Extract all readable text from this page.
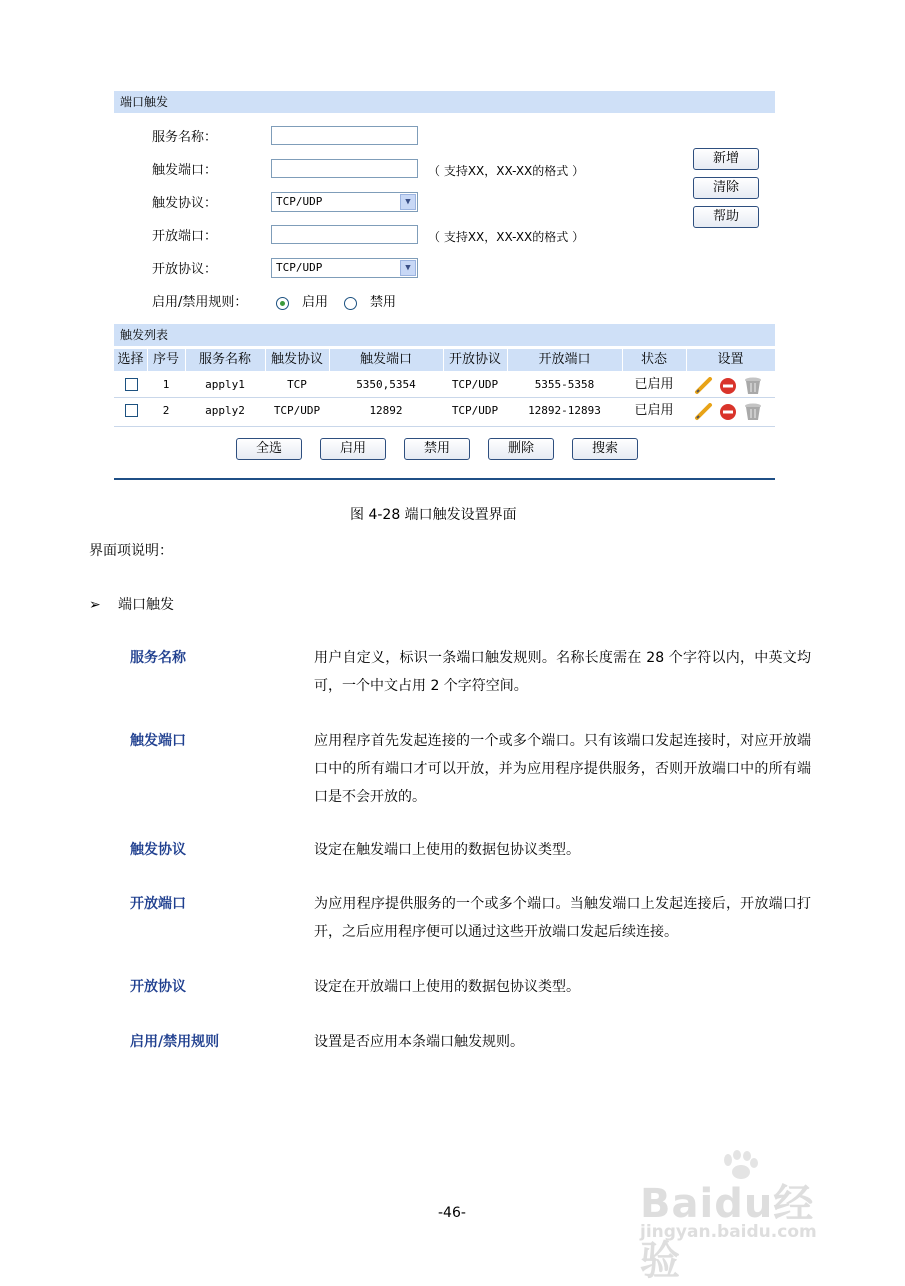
端口触发
服务名称：
触发端口：	（ 支持XX，XX-XX的格式 ）
触发协议：	TCP/UDP	▼
开放端口：	（ 支持XX，XX-XX的格式 ）
开放协议：	TCP/UDP	▼
启用/禁用规则：	启用	禁用
新增
清除
帮助
触发列表
选择 序号	服务名称	触发协议	触发端口	开放协议	开放端口	状态	设置
1	apply1	TCP	5350,5354	TCP/UDP	5355-5358	已启用
2	apply2	TCP/UDP	12892	TCP/UDP	12892-12893	已启用
全选	启用	禁用	删除	搜索
图 4-28 端口触发设置界面
界面项说明：
➢ 端口触发
服务名称	用户自定义，标识一条端口触发规则。名称长度需在 28 个字符以内，中英文均可，一个中文占用 2 个字符空间。
触发端口	应用程序首先发起连接的一个或多个端口。只有该端口发起连接时，对应开放端口中的所有端口才可以开放，并为应用程序提供服务，否则开放端口中的所有端口是不会开放的。
触发协议	设定在触发端口上使用的数据包协议类型。
开放端口	为应用程序提供服务的一个或多个端口。当触发端口上发起连接后，开放端口打开，之后应用程序便可以通过这些开放端口发起后续连接。
开放协议	设定在开放端口上使用的数据包协议类型。
启用/禁用规则	设置是否应用本条端口触发规则。
-46-	Baidu经验
jingyan.baidu.com
